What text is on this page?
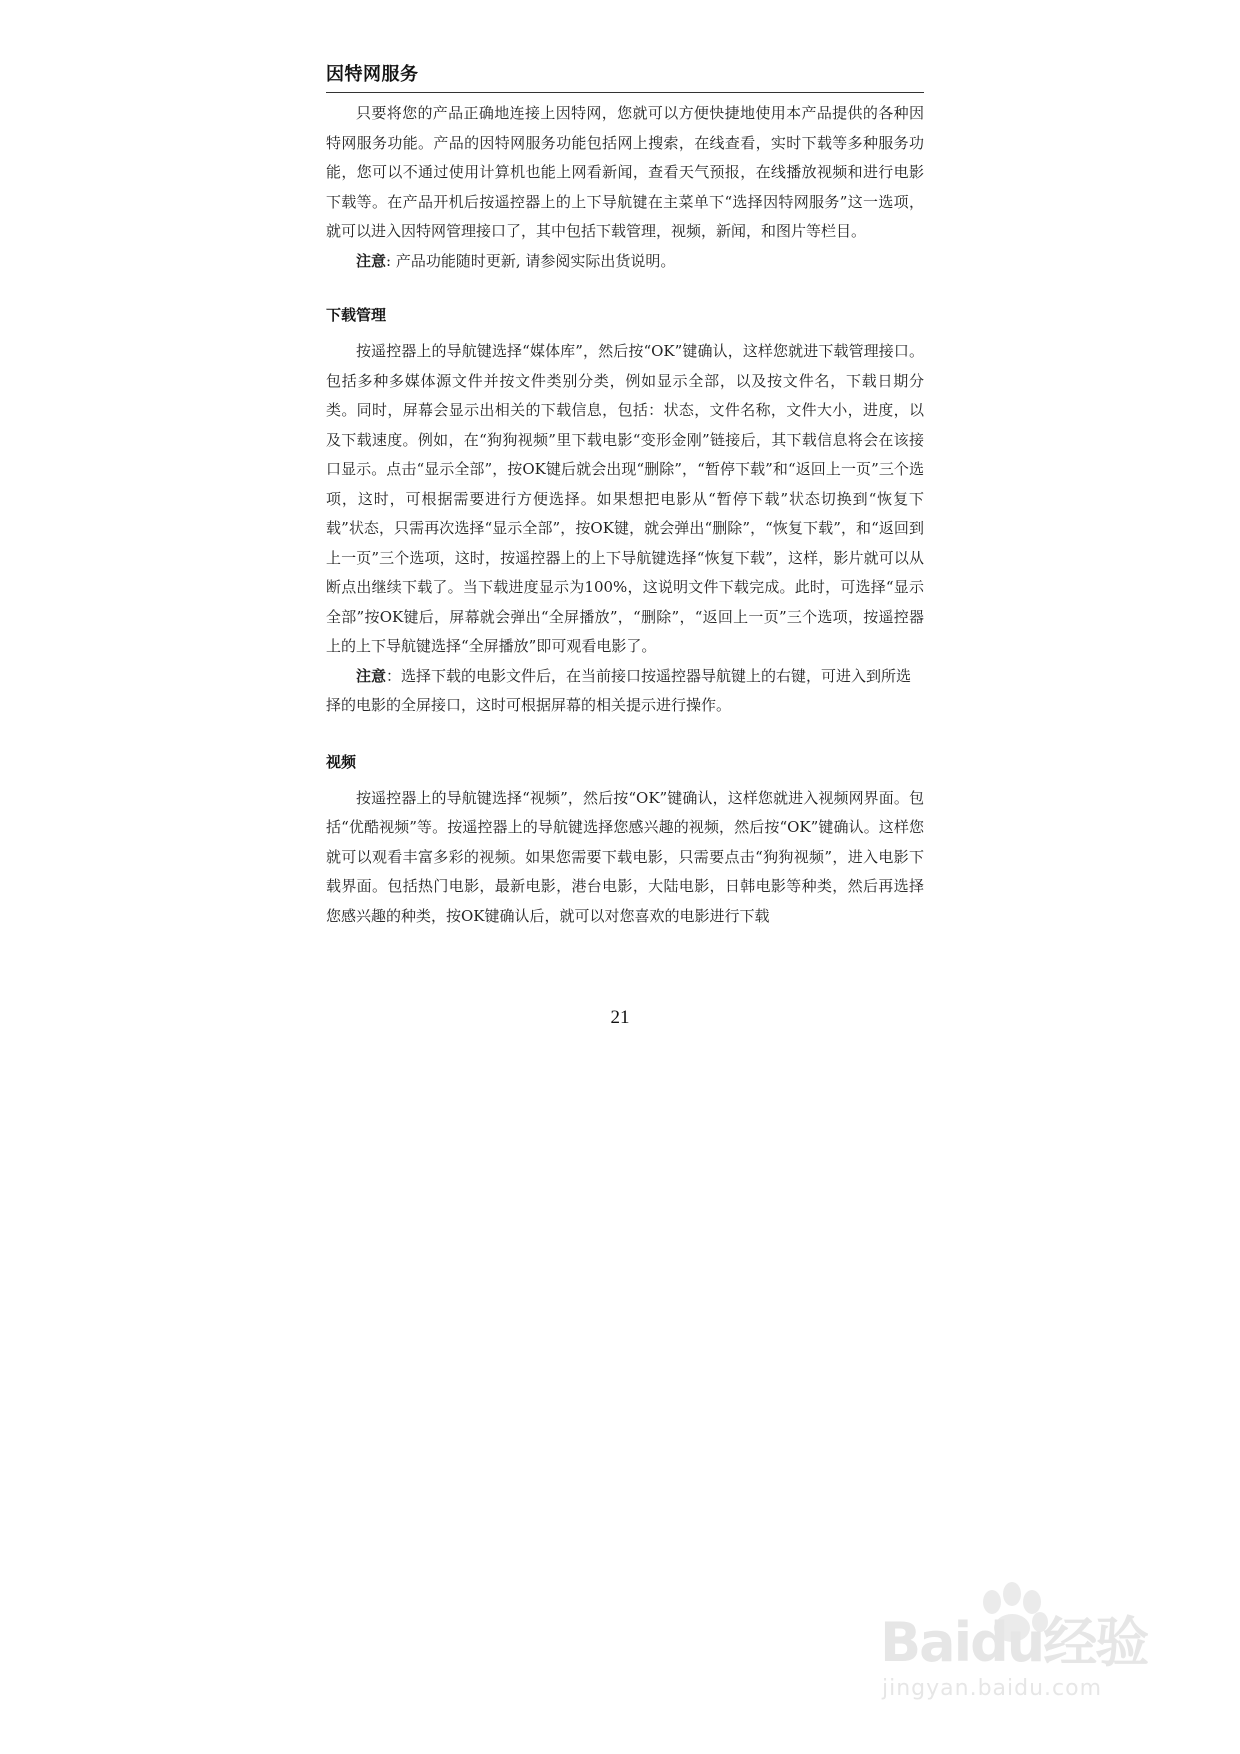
因特网服务

只要将您的产品正确地连接上因特网，您就可以方便快捷地使用本产品提供的各种因特网服务功能。产品的因特网服务功能包括网上搜索，在线查看，实时下载等多种服务功能，您可以不通过使用计算机也能上网看新闻，查看天气预报，在线播放视频和进行电影下载等。在产品开机后按遥控器上的上下导航键在主菜单下“选择因特网服务”这一选项，就可以进入因特网管理接口了，其中包括下载管理，视频，新闻，和图片等栏目。

注意: 产品功能随时更新, 请参阅实际出货说明。

下载管理

按遥控器上的导航键选择“媒体库”，然后按“OK”键确认，这样您就进下载管理接口。包括多种多媒体源文件并按文件类别分类，例如显示全部，以及按文件名，下载日期分类。同时，屏幕会显示出相关的下载信息，包括：状态，文件名称，文件大小，进度，以及下载速度。例如，在“狗狗视频”里下载电影“变形金刚”链接后，其下载信息将会在该接口显示。点击“显示全部”，按OK键后就会出现“删除”，“暂停下载”和“返回上一页”三个选项，这时，可根据需要进行方便选择。如果想把电影从“暂停下载”状态切换到“恢复下载”状态，只需再次选择“显示全部”，按OK键，就会弹出“删除”，“恢复下载”，和“返回到上一页”三个选项，这时，按遥控器上的上下导航键选择“恢复下载”，这样，影片就可以从断点出继续下载了。当下载进度显示为100%，这说明文件下载完成。此时，可选择“显示全部”按OK键后，屏幕就会弹出“全屏播放”，“删除”，“返回上一页”三个选项，按遥控器上的上下导航键选择“全屏播放”即可观看电影了。

注意：选择下载的电影文件后，在当前接口按遥控器导航键上的右键，可进入到所选择的电影的全屏接口，这时可根据屏幕的相关提示进行操作。

视频

按遥控器上的导航键选择“视频”，然后按“OK”键确认，这样您就进入视频网界面。包括“优酷视频”等。按遥控器上的导航键选择您感兴趣的视频，然后按“OK”键确认。这样您就可以观看丰富多彩的视频。如果您需要下载电影，只需要点击“狗狗视频”，进入电影下载界面。包括热门电影，最新电影，港台电影，大陆电影，日韩电影等种类，然后再选择您感兴趣的种类，按OK键确认后，就可以对您喜欢的电影进行下载

21
Baidu经验
jingyan.baidu.com
